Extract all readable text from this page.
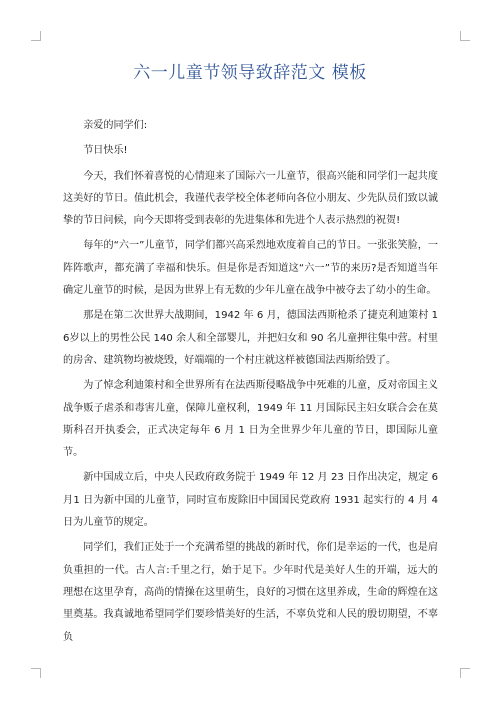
六一儿童节领导致辞范文 模板

亲爱的同学们:

节日快乐!

今天，我们怀着喜悦的心情迎来了国际六一儿童节，很高兴能和同学们一起共度这美好的节日。值此机会，我谨代表学校全体老师向各位小朋友、少先队员们致以诚挚的节日问候，向今天即将受到表彰的先进集体和先进个人表示热烈的祝贺!

每年的“六一”儿童节，同学们都兴高采烈地欢度着自己的节日。一张张笑脸，一阵阵歌声，都充满了幸福和快乐。但是你是否知道这“六一”节的来历?是否知道当年确定儿童节的时候，是因为世界上有无数的少年儿童在战争中被夺去了幼小的生命。

那是在第二次世界大战期间，1942 年 6 月，德国法西斯枪杀了捷克利迪策村 16岁以上的男性公民 140 余人和全部婴儿，并把妇女和 90 名儿童押往集中营。村里的房舍、建筑物均被烧毁，好端端的一个村庄就这样被德国法西斯给毁了。

为了悼念利迪策村和全世界所有在法西斯侵略战争中死难的儿童，反对帝国主义战争贩子虐杀和毒害儿童，保障儿童权利，1949 年 11 月国际民主妇女联合会在莫斯科召开执委会，正式决定每年 6 月 1 日为全世界少年儿童的节日，即国际儿童节。

新中国成立后，中央人民政府政务院于 1949 年 12 月 23 日作出决定，规定 6 月1 日为新中国的儿童节，同时宣布废除旧中国国民党政府 1931 起实行的 4 月 4 日为儿童节的规定。

同学们，我们正处于一个充满希望的挑战的新时代，你们是幸运的一代，也是肩负重担的一代。古人言:千里之行，始于足下。少年时代是美好人生的开端，远大的理想在这里孕育，高尚的情操在这里萌生，良好的习惯在这里养成，生命的辉煌在这里奠基。我真诚地希望同学们要珍惜美好的生活，不辜负党和人民的殷切期望，不辜负
